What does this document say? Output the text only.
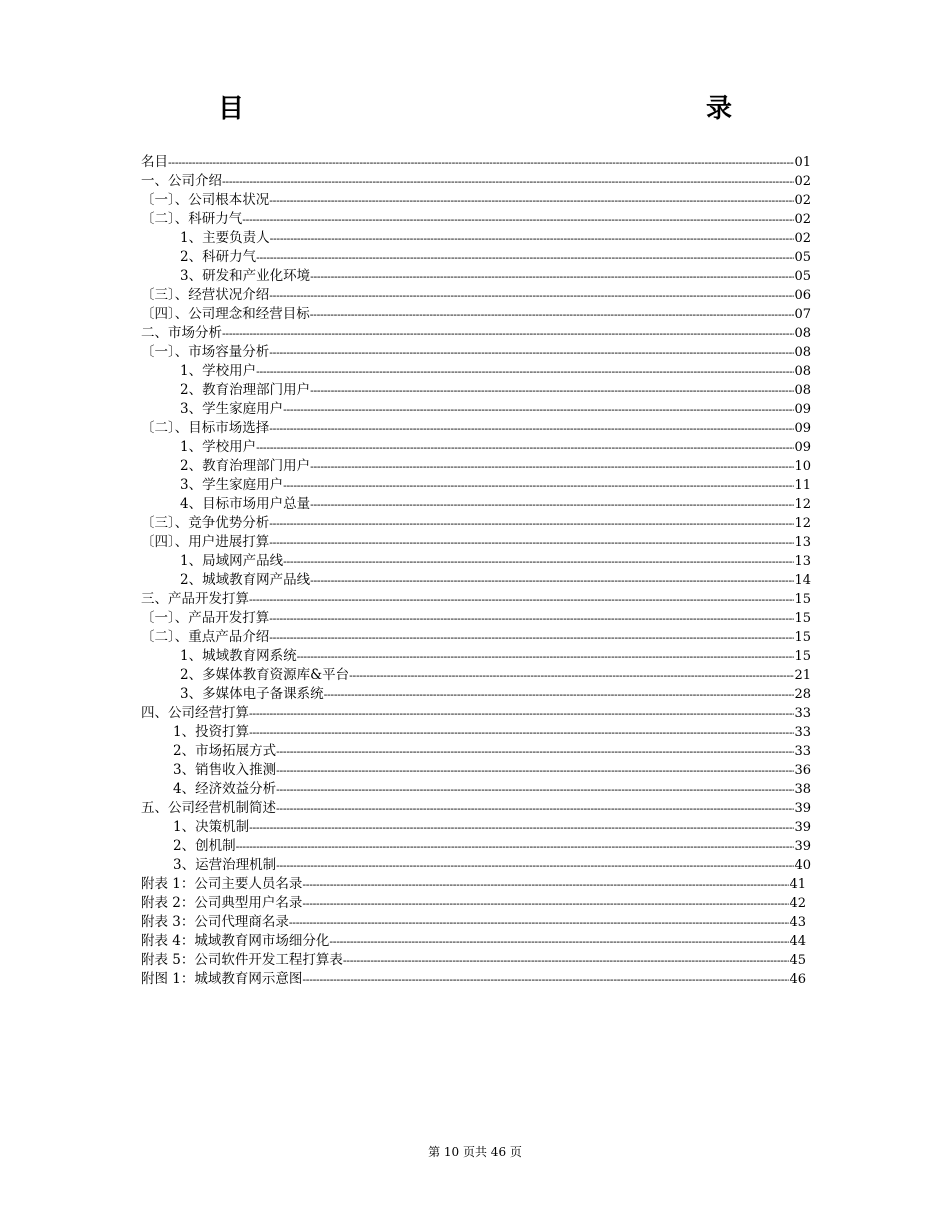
目　　　录
名目 -----	01
一、公司介绍 -----	02
〔一〕、公司根本状况 -----	02
〔二〕、科研力气 -----	02
1、主要负责人 -----	02
2、科研力气 -----	05
3、研发和产业化环境 -----	05
〔三〕、经营状况介绍 -----	06
〔四〕、公司理念和经营目标 -----	07
二、市场分析 -----	08
〔一〕、市场容量分析 -----	08
1、学校用户 -----	08
2、教育治理部门用户 -----	08
3、学生家庭用户 -----	09
〔二〕、目标市场选择 -----	09
1、学校用户 -----	09
2、教育治理部门用户 -----	10
3、学生家庭用户 -----	11
4、目标市场用户总量 -----	12
〔三〕、竞争优势分析 -----	12
〔四〕、用户进展打算 -----	13
1、局域网产品线 -----	13
2、城域教育网产品线 -----	14
三、产品开发打算 -----	15
〔一〕、产品开发打算 -----	15
〔二〕、重点产品介绍 -----	15
1、城域教育网系统 -----	15
2、多媒体教育资源库&平台 -----	21
3、多媒体电子备课系统 -----	28
四、公司经营打算 -----	33
1、投资打算 -----	33
2、市场拓展方式 -----	33
3、销售收入推测 -----	36
4、经济效益分析 -----	38
五、公司经营机制简述 -----	39
1、决策机制 -----	39
2、创机制 -----	39
3、运营治理机制 -----	40
附表 1：公司主要人员名录 -----	41
附表 2：公司典型用户名录 -----	42
附表 3：公司代理商名录 -----	43
附表 4：城域教育网市场细分化 -----	44
附表 5：公司软件开发工程打算表 -----	45
附图 1：城域教育网示意图 -----	46
第 10 页共 46 页
